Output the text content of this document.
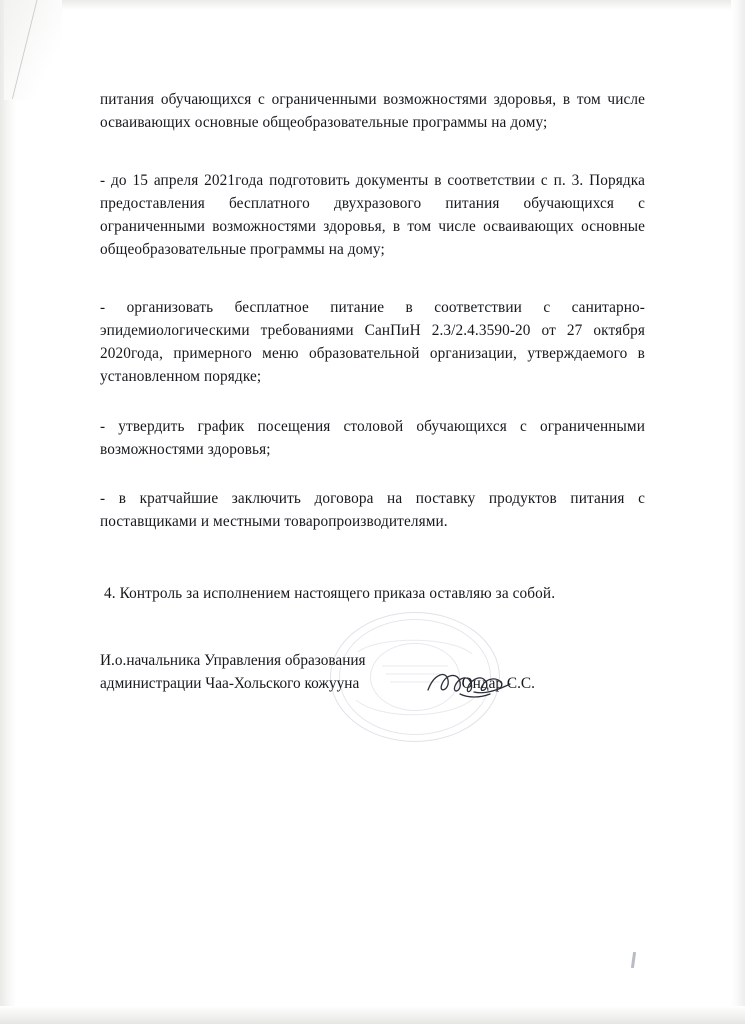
питания обучающихся с ограниченными возможностями здоровья, в том числе осваивающих основные общеобразовательные программы на дому;

- до 15 апреля 2021года подготовить документы в соответствии с п. 3. Порядка предоставления бесплатного двухразового питания обучающихся с ограниченными возможностями здоровья, в том числе осваивающих основные общеобразовательные программы на дому;

- организовать бесплатное питание в соответствии с санитарно-эпидемиологическими требованиями СанПиН 2.3/2.4.3590-20 от 27 октября 2020года, примерного меню образовательной организации, утверждаемого в установленном порядке;

- утвердить график посещения столовой обучающихся с ограниченными возможностями здоровья;

- в кратчайшие заключить договора на поставку продуктов питания с поставщиками и местными товаропроизводителями.

4. Контроль за исполнением настоящего приказа оставляю за собой.

И.о.начальника Управления образования
администрации Чаа-Хольского кожууна	Ондар С.С.
